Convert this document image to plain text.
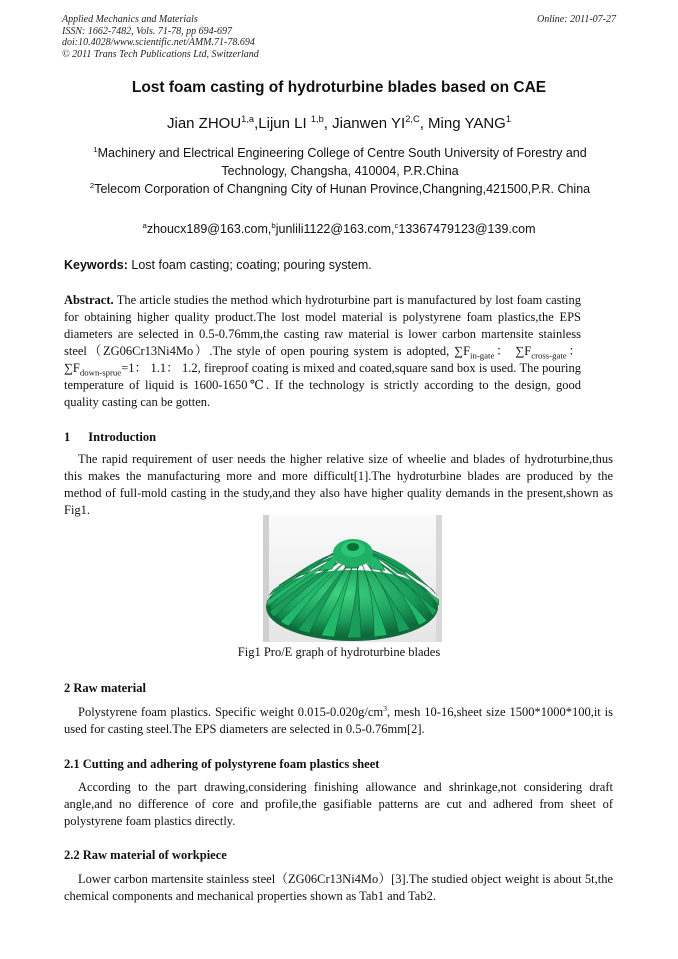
Applied Mechanics and Materials
ISSN: 1662-7482, Vols. 71-78, pp 694-697
doi:10.4028/www.scientific.net/AMM.71-78.694
© 2011 Trans Tech Publications Ltd, Switzerland
Online: 2011-07-27
Lost foam casting of hydroturbine blades based on CAE
Jian ZHOU$^{1,a}$,Lijun LI $^{1,b}$, Jianwen $YI^{2,C}$, Ming YANG$^1$
$^1$Machinery and Electrical Engineering College of Centre South University of Forestry and Technology, Changsha, 410004, P.R.China
$^2$Telecom Corporation of Changning City of Hunan Province,Changning,421500,P.R. China
$^a$zhoucx189@163.com,$^b$junlili1122@163.com,$^c$13367479123@139.com
Keywords: Lost foam casting; coating; pouring system.
Abstract. The article studies the method which hydroturbine part is manufactured by lost foam casting for obtaining higher quality product.The lost model material is polystyrene foam plastics,the EPS diameters are selected in 0.5-0.76mm,the casting raw material is lower carbon martensite stainless steel（ZG06Cr13Ni4Mo）.The style of open pouring system is adopted, $\sum F_{in-gate}$： $\sum F_{cross-gate}$： $\sum F_{down-sprue}=1$： 1.1： 1.2, fireproof coating is mixed and coated,square sand box is used. The pouring temperature of liquid is 1600-1650℃. If the technology is strictly according to the design, good quality casting can be gotten.
1 Introduction
The rapid requirement of user needs the higher relative size of wheelie and blades of hydroturbine,thus this makes the manufacturing more and more difficult[1].The hydroturbine blades are produced by the method of full-mold casting in the study,and they also have higher quality demands in the present,shown as Fig1.
Fig1 Pro/E graph of hydroturbine blades
2 Raw material
Polystyrene foam plastics. Specific weight $0.015-0.020g/cm^3$, mesh 10-16,sheet size 1500*1000*100,it is used for casting steel.The EPS diameters are selected in 0.5-0.76mm[2].
2.1 Cutting and adhering of polystyrene foam plastics sheet
According to the part drawing,considering finishing allowance and shrinkage,not considering draft angle,and no difference of core and profile,the gasifiable patterns are cut and adhered from sheet of polystyrene foam plastics directly.
2.2 Raw material of workpiece
Lower carbon martensite stainless steel（ZG06Cr13Ni4Mo）[3].The studied object weight is about 5t,the chemical components and mechanical properties shown as Tab1 and Tab2.
